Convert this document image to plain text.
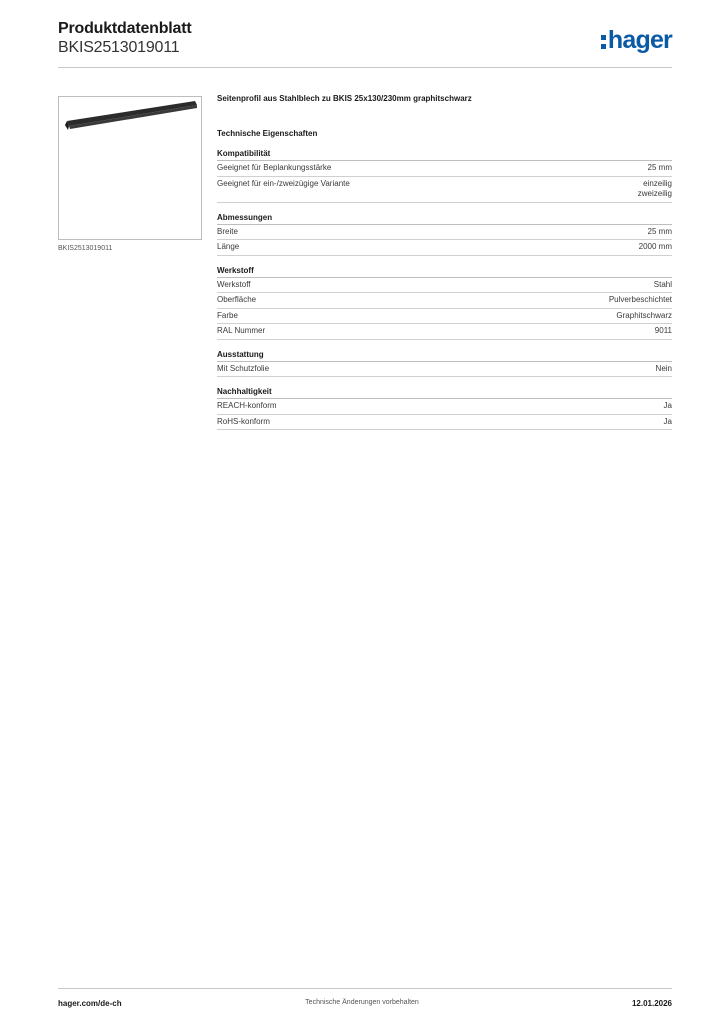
Produktdatenblatt
BKIS2513019011	hager
BKIS2513019011
Seitenprofil aus Stahlblech zu BKIS 25x130/230mm graphitschwarz
Technische Eigenschaften
Kompatibilität
Geeignet für Beplankungsstärke	25 mm
Geeignet für ein-/zweizügige Variante	einzeilig
zweizeilig
Abmessungen
Breite	25 mm
Länge	2000 mm
Werkstoff
Werkstoff	Stahl
Oberfläche	Pulverbeschichtet
Farbe	Graphitschwarz
RAL Nummer	9011
Ausstattung
Mit Schutzfolie	Nein
Nachhaltigkeit
REACH-konform	Ja
RoHS-konform	Ja
hager.com/de-ch	Technische Änderungen vorbehalten	12.01.2026
